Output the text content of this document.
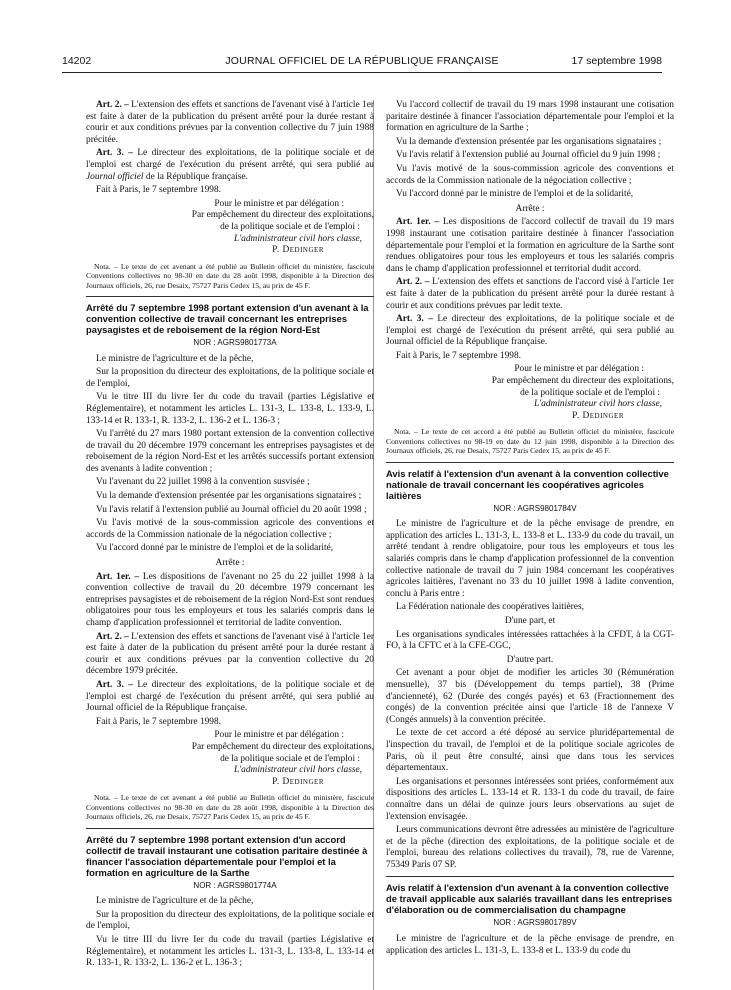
14202	JOURNAL OFFICIEL DE LA RÉPUBLIQUE FRANÇAISE	17 septembre 1998

Art. 2. – L'extension des effets et sanctions de l'avenant visé à l'article 1er est faite à dater de la publication du présent arrêté pour la durée restant à courir et aux conditions prévues par la convention collective du 7 juin 1988 précitée.

Art. 3. – Le directeur des exploitations, de la politique sociale et de l'emploi est chargé de l'exécution du présent arrêté, qui sera publié au Journal officiel de la République française.

Fait à Paris, le 7 septembre 1998.

Pour le ministre et par délégation :

Par empêchement du directeur des exploitations,

de la politique sociale et de l'emploi :

L'administrateur civil hors classe,

P. Dedinger

Nota. – Le texte de cet avenant a été publié au Bulletin officiel du ministère, fascicule Conventions collectives no 98-30 en date du 28 août 1998, disponible à la Direction des Journaux officiels, 26, rue Desaix, 75727 Paris Cedex 15, au prix de 45 F.

Arrêté du 7 septembre 1998 portant extension d'un avenant à la convention collective de travail concernant les entreprises paysagistes et de reboisement de la région Nord-Est

NOR : AGRS9801773A

Le ministre de l'agriculture et de la pêche,

Sur la proposition du directeur des exploitations, de la politique sociale et de l'emploi,

Vu le titre III du livre Ier du code du travail (parties Législative et Réglementaire), et notamment les articles L. 131-3, L. 133-8, L. 133-9, L. 133-14 et R. 133-1, R. 133-2, L. 136-2 et L. 136-3 ;

Vu l'arrêté du 27 mars 1980 portant extension de la convention collective de travail du 20 décembre 1979 concernant les entreprises paysagistes et de reboisement de la région Nord-Est et les arrêtés successifs portant extension des avenants à ladite convention ;

Vu l'avenant du 22 juillet 1998 à la convention susvisée ;

Vu la demande d'extension présentée par les organisations signataires ;

Vu l'avis relatif à l'extension publié au Journal officiel du 20 août 1998 ;

Vu l'avis motivé de la sous-commission agricole des conventions et accords de la Commission nationale de la négociation collective ;

Vu l'accord donné par le ministre de l'emploi et de la solidarité,

Arrête :

Art. 1er. – Les dispositions de l'avenant no 25 du 22 juillet 1998 à la convention collective de travail du 20 décembre 1979 concernant les entreprises paysagistes et de reboisement de la région Nord-Est sont rendues obligatoires pour tous les employeurs et tous les salariés compris dans le champ d'application professionnel et territorial de ladite convention.

Art. 2. – L'extension des effets et sanctions de l'avenant visé à l'article 1er est faite à dater de la publication du présent arrêté pour la durée restant à courir et aux conditions prévues par la convention collective du 20 décembre 1979 précitée.

Art. 3. – Le directeur des exploitations, de la politique sociale et de l'emploi est chargé de l'exécution du présent arrêté, qui sera publié au Journal officiel de la République française.

Fait à Paris, le 7 septembre 1998.

Pour le ministre et par délégation :

Par empêchement du directeur des exploitations,

de la politique sociale et de l'emploi :

L'administrateur civil hors classe,

P. Dedinger

Nota. – Le texte de cet avenant a été publié au Bulletin officiel du ministère, fascicule Conventions collectives no 98-30 en date du 28 août 1998, disponible à la Direction des Journaux officiels, 26, rue Desaix, 75727 Paris Cedex 15, au prix de 45 F.

Arrêté du 7 septembre 1998 portant extension d'un accord collectif de travail instaurant une cotisation paritaire destinée à financer l'association départementale pour l'emploi et la formation en agriculture de la Sarthe

NOR : AGRS9801774A

Le ministre de l'agriculture et de la pêche,

Sur la proposition du directeur des exploitations, de la politique sociale et de l'emploi,

Vu le titre III du livre Ier du code du travail (parties Législative et Réglementaire), et notamment les articles L. 131-3, L. 133-8, L. 133-14 et R. 133-1, R. 133-2, L. 136-2 et L. 136-3 ;

Vu l'accord collectif de travail du 19 mars 1998 instaurant une cotisation paritaire destinée à financer l'association départementale pour l'emploi et la formation en agriculture de la Sarthe ;

Vu la demande d'extension présentée par les organisations signataires ;

Vu l'avis relatif à l'extension publié au Journal officiel du 9 juin 1998 ;

Vu l'avis motivé de la sous-commission agricole des conventions et accords de la Commission nationale de la négociation collective ;

Vu l'accord donné par le ministre de l'emploi et de la solidarité,

Arrête :

Art. 1er. – Les dispositions de l'accord collectif de travail du 19 mars 1998 instaurant une cotisation paritaire destinée à financer l'association départementale pour l'emploi et la formation en agriculture de la Sarthe sont rendues obligatoires pour tous les employeurs et tous les salariés compris dans le champ d'application professionnel et territorial dudit accord.

Art. 2. – L'extension des effets et sanctions de l'accord visé à l'article 1er est faite à dater de la publication du présent arrêté pour la durée restant à courir et aux conditions prévues par ledit texte.

Art. 3. – Le directeur des exploitations, de la politique sociale et de l'emploi est chargé de l'exécution du présent arrêté, qui sera publié au Journal officiel de la République française.

Fait à Paris, le 7 septembre 1998.

Pour le ministre et par délégation :

Par empêchement du directeur des exploitations,

de la politique sociale et de l'emploi :

L'administrateur civil hors classe,

P. Dedinger

Nota. – Le texte de cet accord a été publié au Bulletin officiel du ministère, fascicule Conventions collectives no 98-19 en date du 12 juin 1998, disponible à la Direction des Journaux officiels, 26, rue Desaix, 75727 Paris Cedex 15, au prix de 45 F.

Avis relatif à l'extension d'un avenant à la convention collective nationale de travail concernant les coopératives agricoles laitières

NOR : AGRS9801784V

Le ministre de l'agriculture et de la pêche envisage de prendre, en application des articles L. 131-3, L. 133-8 et L. 133-9 du code du travail, un arrêté tendant à rendre obligatoire, pour tous les employeurs et tous les salariés compris dans le champ d'application professionnel de la convention collective nationale de travail du 7 juin 1984 concernant les coopératives agricoles laitières, l'avenant no 33 du 10 juillet 1998 à ladite convention, conclu à Paris entre :

La Fédération nationale des coopératives laitières,

D'une part, et

Les organisations syndicales intéressées rattachées à la CFDT, à la CGT-FO, à la CFTC et à la CFE-CGC,

D'autre part.

Cet avenant a pour objet de modifier les articles 30 (Rémunération mensuelle), 37 bis (Développement du temps partiel), 38 (Prime d'ancienneté), 62 (Durée des congés payés) et 63 (Fractionnement des congés) de la convention précitée ainsi que l'article 18 de l'annexe V (Congés annuels) à la convention précitée.

Le texte de cet accord a été déposé au service pluridépartemental de l'inspection du travail, de l'emploi et de la politique sociale agricoles de Paris, où il peut être consulté, ainsi que dans tous les services départementaux.

Les organisations et personnes intéressées sont priées, conformément aux dispositions des articles L. 133-14 et R. 133-1 du code du travail, de faire connaître dans un délai de quinze jours leurs observations au sujet de l'extension envisagée.

Leurs communications devront être adressées au ministère de l'agriculture et de la pêche (direction des exploitations, de la politique sociale et de l'emploi, bureau des relations collectives du travail), 78, rue de Varenne, 75349 Paris 07 SP.

Avis relatif à l'extension d'un avenant à la convention collective de travail applicable aux salariés travaillant dans les entreprises d'élaboration ou de commercialisation du champagne

NOR : AGRS9801789V

Le ministre de l'agriculture et de la pêche envisage de prendre, en application des articles L. 131-3, L. 133-8 et L. 133-9 du code du
